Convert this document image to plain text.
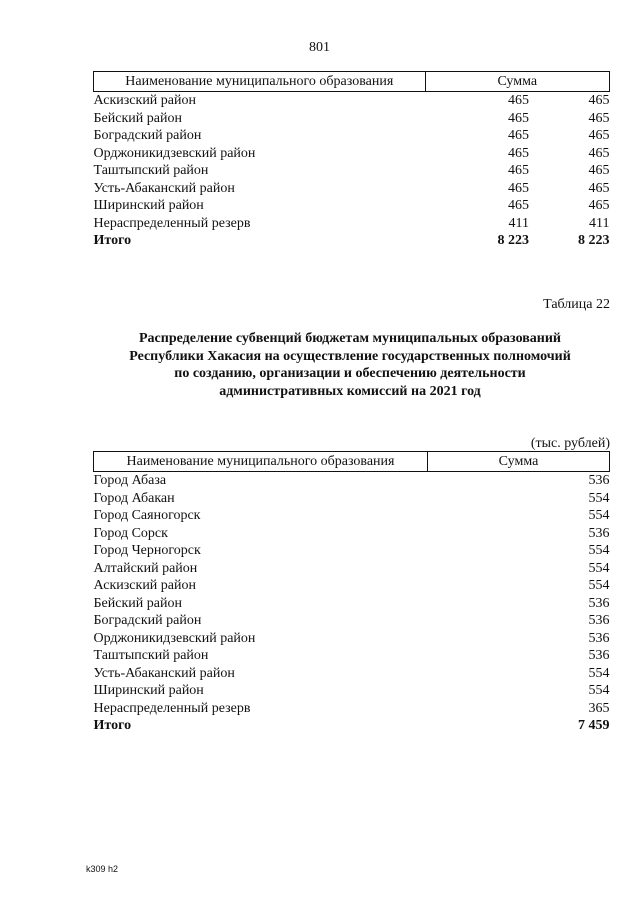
801
Наименование муниципального образования	Сумма	
Аскизский район	465	465
Бейский район	465	465
Боградский район	465	465
Орджоникидзевский район	465	465
Таштыпский район	465	465
Усть-Абаканский район	465	465
Ширинский район	465	465
Нераспределенный резерв	411	411
Итого	8 223	8 223
Таблица 22
Распределение субвенций бюджетам муниципальных образований
Республики Хакасия на осуществление государственных полномочий
по созданию, организации и обеспечению деятельности
административных комиссий на 2021 год
(тыс. рублей)
Наименование муниципального образования	Сумма
Город Абаза	536
Город Абакан	554
Город Саяногорск	554
Город Сорск	536
Город Черногорск	554
Алтайский район	554
Аскизский район	554
Бейский район	536
Боградский район	536
Орджоникидзевский район	536
Таштыпский район	536
Усть-Абаканский район	554
Ширинский район	554
Нераспределенный резерв	365
Итого	7 459
k309 h2
